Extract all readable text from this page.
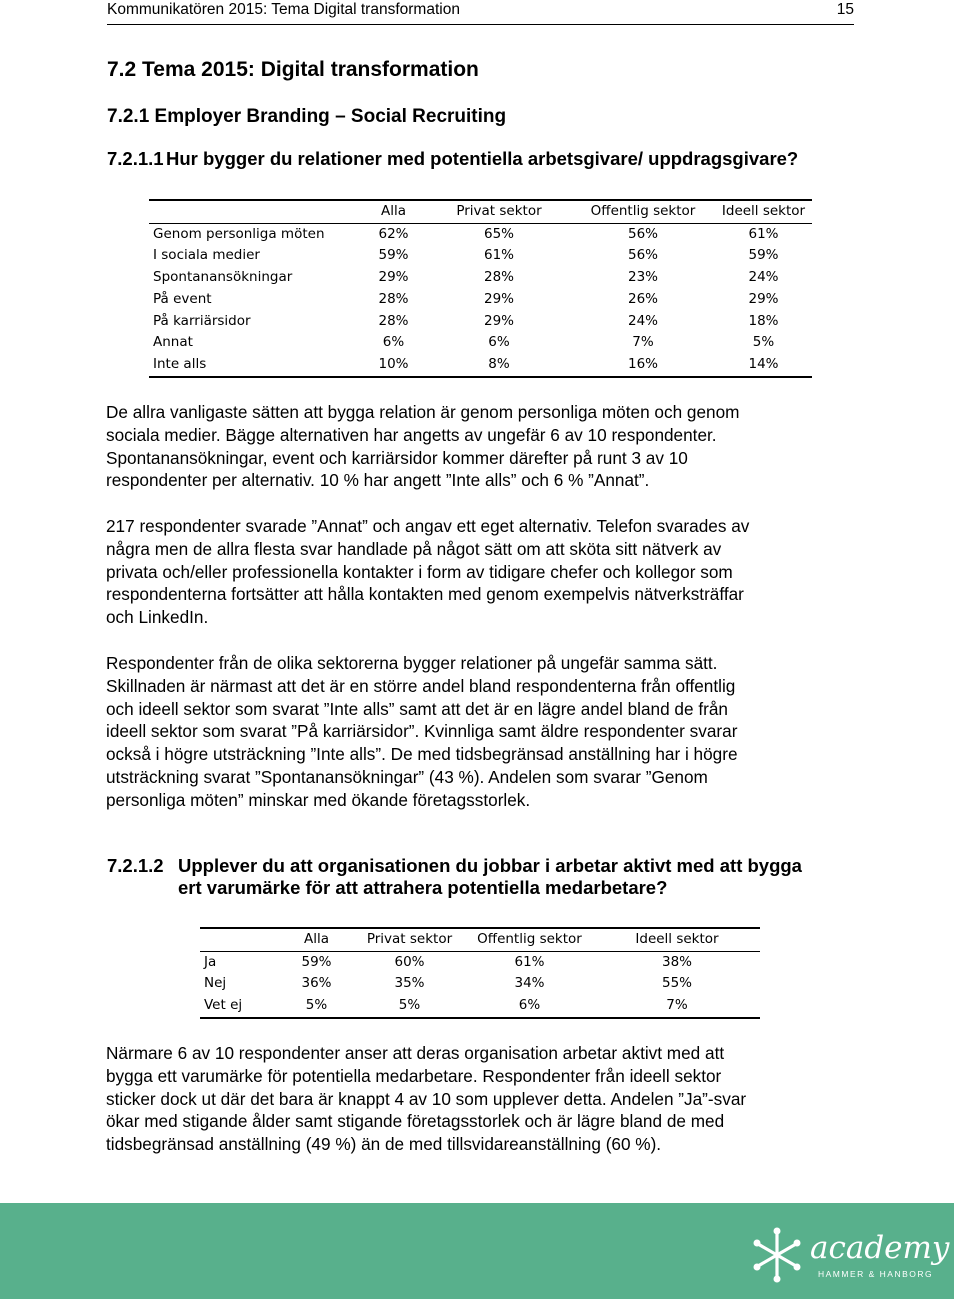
Kommunikatören 2015: Tema Digital transformation	15
7.2 Tema 2015: Digital transformation
7.2.1 Employer Branding – Social Recruiting
7.2.1.1 Hur bygger du relationer med potentiella arbetsgivare/ uppdragsgivare?
	Alla	Privat sektor	Offentlig sektor	Ideell sektor
Genom personliga möten	62%	65%	56%	61%
I sociala medier	59%	61%	56%	59%
Spontanansökningar	29%	28%	23%	24%
På event	28%	29%	26%	29%
På karriärsidor	28%	29%	24%	18%
Annat	6%	6%	7%	5%
Inte alls	10%	8%	16%	14%
De allra vanligaste sätten att bygga relation är genom personliga möten och genom
sociala medier. Bägge alternativen har angetts av ungefär 6 av 10 respondenter.
Spontanansökningar, event och karriärsidor kommer därefter på runt 3 av 10
respondenter per alternativ. 10 % har angett ”Inte alls” och 6 % ”Annat”.
217 respondenter svarade ”Annat” och angav ett eget alternativ. Telefon svarades av
några men de allra flesta svar handlade på något sätt om att sköta sitt nätverk av
privata och/eller professionella kontakter i form av tidigare chefer och kollegor som
respondenterna fortsätter att hålla kontakten med genom exempelvis nätverksträffar
och LinkedIn.
Respondenter från de olika sektorerna bygger relationer på ungefär samma sätt.
Skillnaden är närmast att det är en större andel bland respondenterna från offentlig
och ideell sektor som svarat ”Inte alls” samt att det är en lägre andel bland de från
ideell sektor som svarat ”På karriärsidor”. Kvinnliga samt äldre respondenter svarar
också i högre utsträckning ”Inte alls”. De med tidsbegränsad anställning har i högre
utsträckning svarat ”Spontanansökningar” (43 %). Andelen som svarar ”Genom
personliga möten” minskar med ökande företagsstorlek.
7.2.1.2 Upplever du att organisationen du jobbar i arbetar aktivt med att bygga
ert varumärke för att attrahera potentiella medarbetare?
	Alla	Privat sektor	Offentlig sektor	Ideell sektor
Ja	59%	60%	61%	38%
Nej	36%	35%	34%	55%
Vet ej	5%	5%	6%	7%
Närmare 6 av 10 respondenter anser att deras organisation arbetar aktivt med att
bygga ett varumärke för potentiella medarbetare. Respondenter från ideell sektor
sticker dock ut där det bara är knappt 4 av 10 som upplever detta. Andelen ”Ja”-svar
ökar med stigande ålder samt stigande företagsstorlek och är lägre bland de med
tidsbegränsad anställning (49 %) än de med tillsvidareanställning (60 %).
academy
HAMMER & HANBORG
